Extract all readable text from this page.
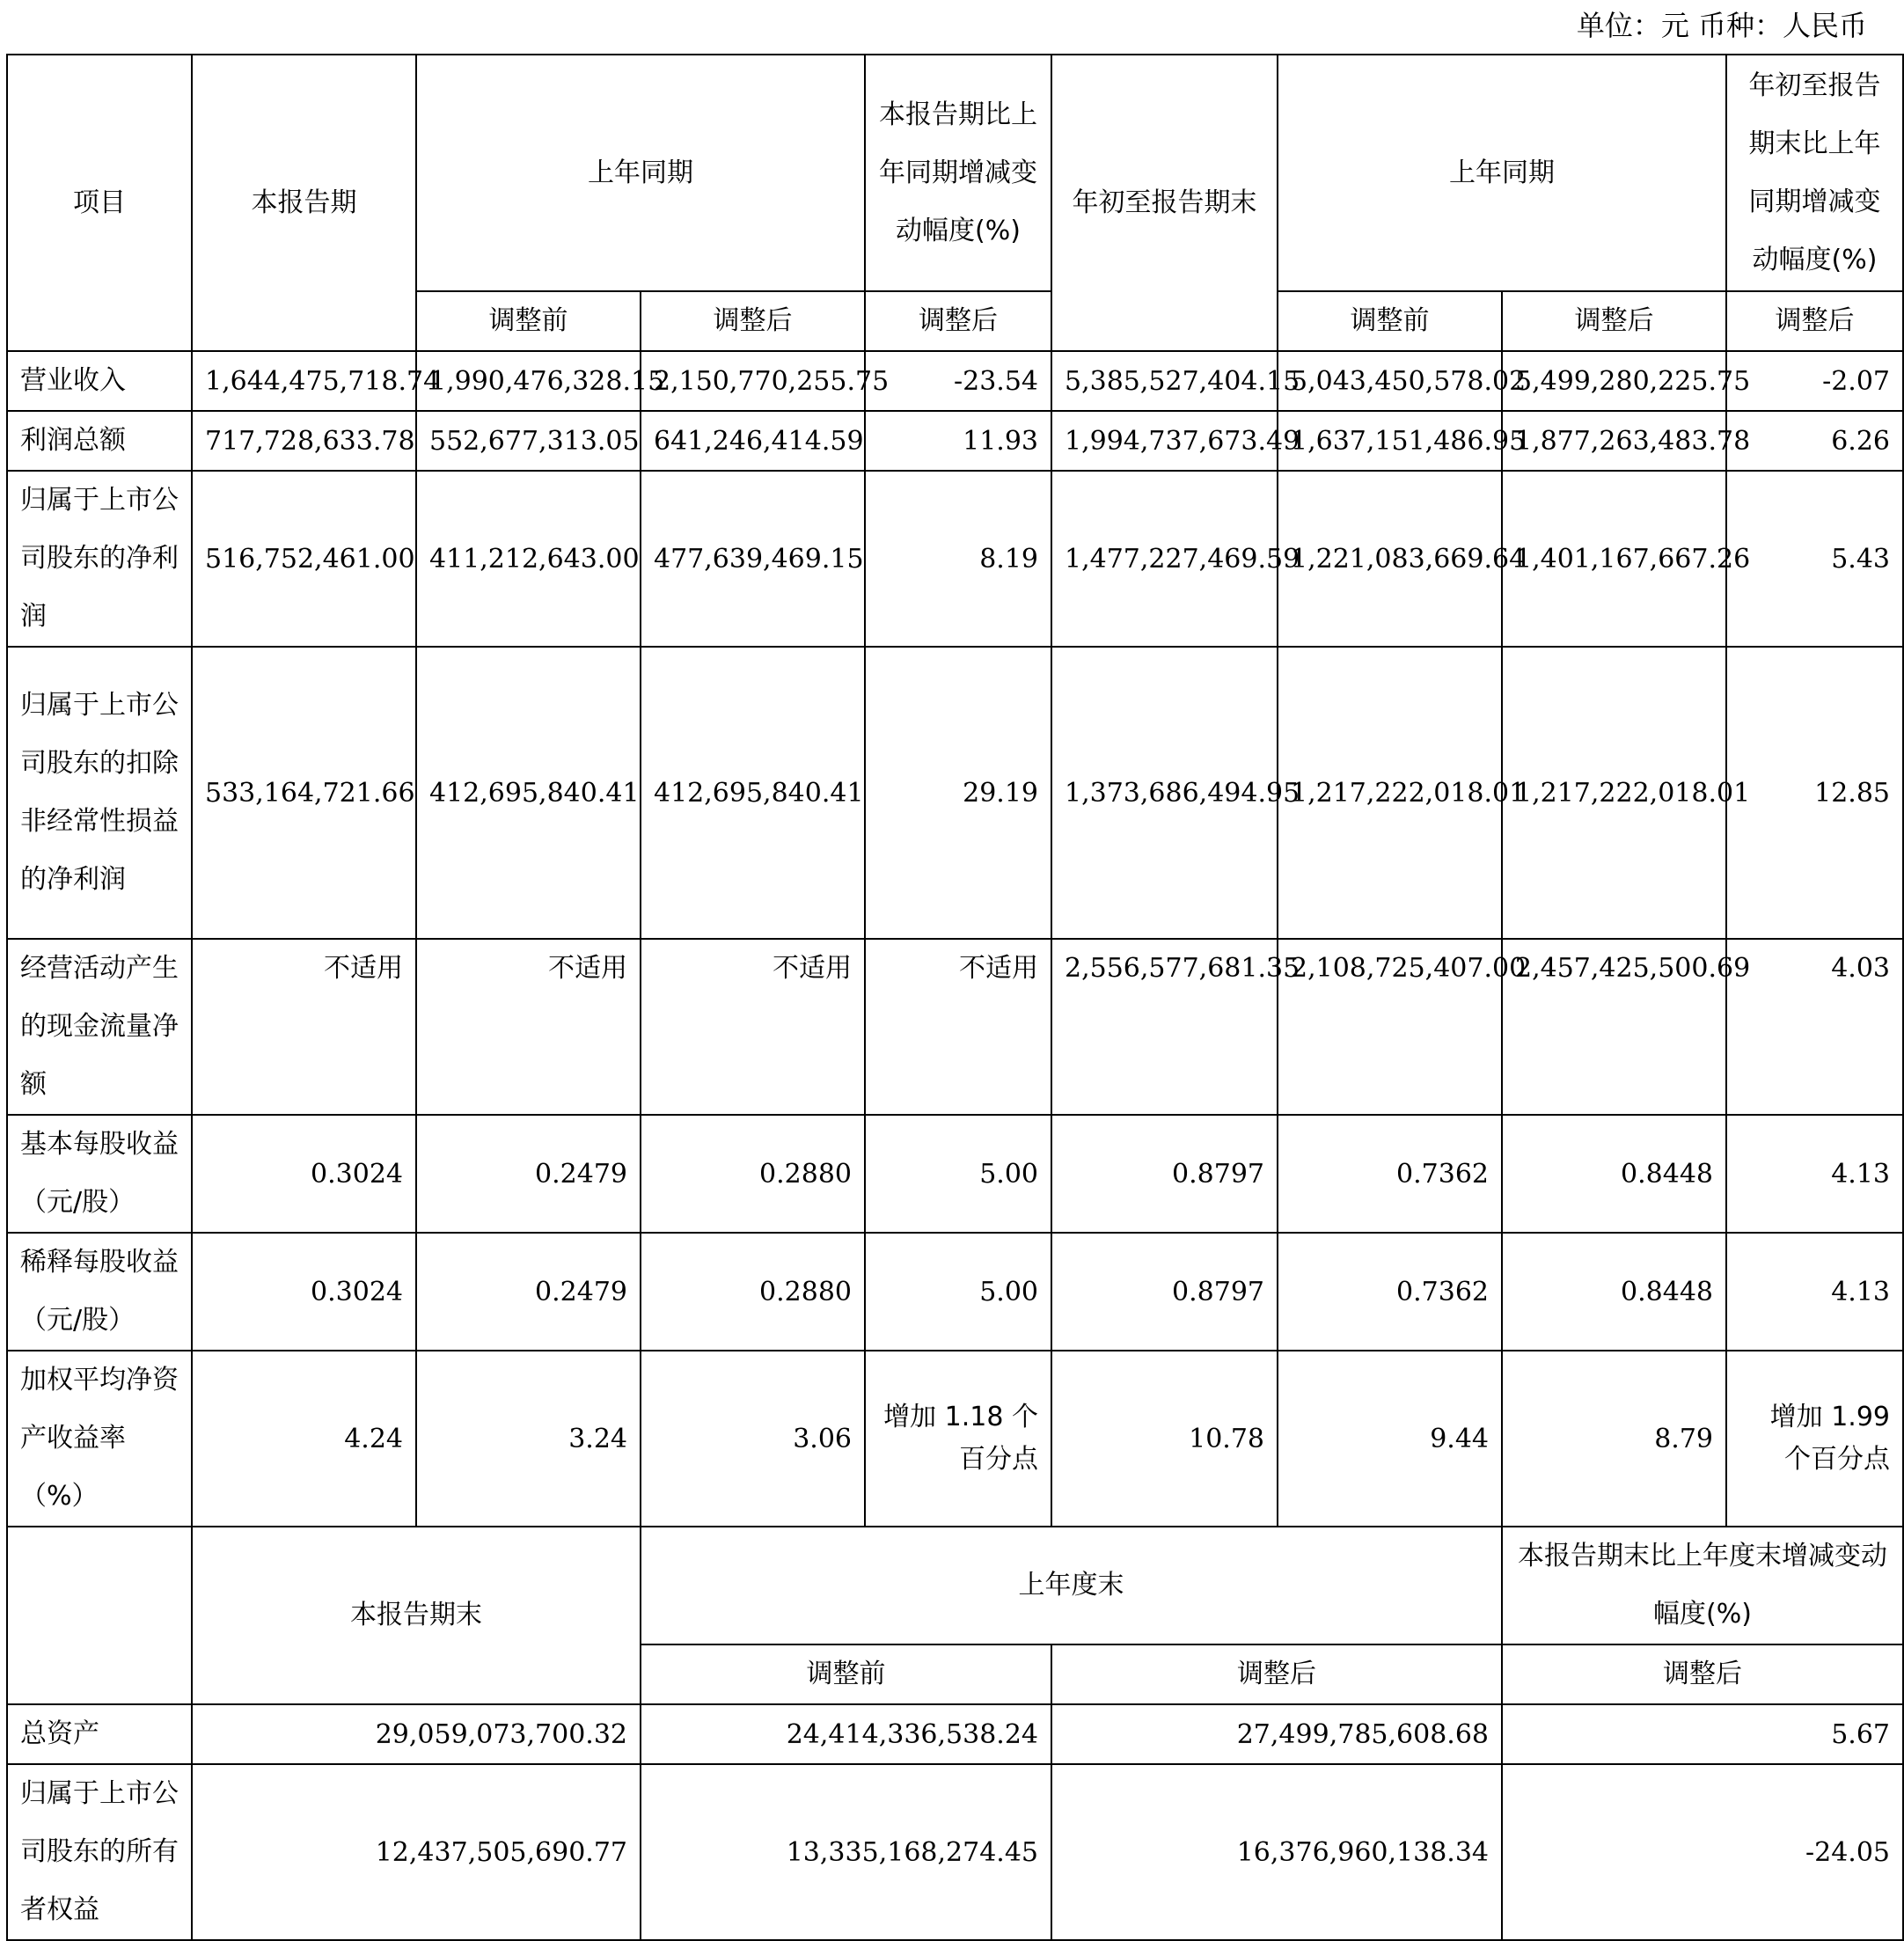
单位：元 币种：人民币
项目	本报告期	上年同期		本报告期比上年同期增减变动幅度(%)	年初至报告期末	上年同期		年初至报告期末比上年同期增减变动幅度(%)
		调整前	调整后	调整后		调整前	调整后	调整后
营业收入	1,644,475,718.74	1,990,476,328.15	2,150,770,255.75	-23.54	5,385,527,404.15	5,043,450,578.02	5,499,280,225.75	-2.07
利润总额	717,728,633.78	552,677,313.05	641,246,414.59	11.93	1,994,737,673.49	1,637,151,486.95	1,877,263,483.78	6.26
归属于上市公司股东的净利润	516,752,461.00	411,212,643.00	477,639,469.15	8.19	1,477,227,469.59	1,221,083,669.64	1,401,167,667.26	5.43
归属于上市公司股东的扣除非经常性损益的净利润	533,164,721.66	412,695,840.41	412,695,840.41	29.19	1,373,686,494.95	1,217,222,018.01	1,217,222,018.01	12.85
经营活动产生的现金流量净额	不适用	不适用	不适用	不适用	2,556,577,681.35	2,108,725,407.00	2,457,425,500.69	4.03
基本每股收益（元/股）	0.3024	0.2479	0.2880	5.00	0.8797	0.7362	0.8448	4.13
稀释每股收益（元/股）	0.3024	0.2479	0.2880	5.00	0.8797	0.7362	0.8448	4.13
加权平均净资产收益率（%）	4.24	3.24	3.06	增加 1.18 个百分点	10.78	9.44	8.79	增加 1.99 个百分点
	本报告期末		上年度末				本报告期末比上年度末增减变动幅度(%)	
			调整前		调整后		调整后	
总资产	29,059,073,700.32		24,414,336,538.24		27,499,785,608.68		5.67	
归属于上市公司股东的所有者权益	12,437,505,690.77		13,335,168,274.45		16,376,960,138.34		-24.05	
